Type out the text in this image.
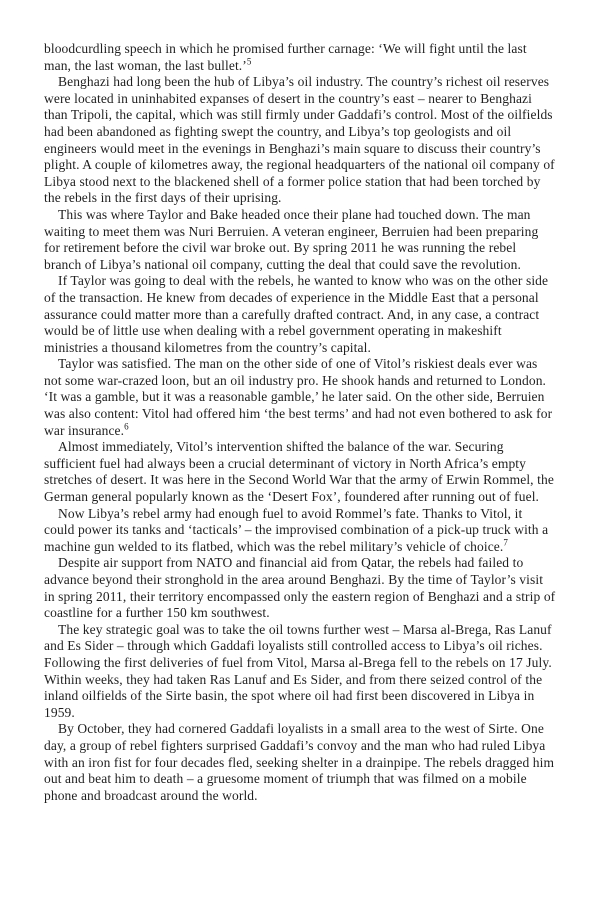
bloodcurdling speech in which he promised further carnage: ‘We will fight until the last man, the last woman, the last bullet.’$^5$

Benghazi had long been the hub of Libya’s oil industry. The country’s richest oil reserves were located in uninhabited expanses of desert in the country’s east – nearer to Benghazi than Tripoli, the capital, which was still firmly under Gaddafi’s control. Most of the oilfields had been abandoned as fighting swept the country, and Libya’s top geologists and oil engineers would meet in the evenings in Benghazi’s main square to discuss their country’s plight. A couple of kilometres away, the regional headquarters of the national oil company of Libya stood next to the blackened shell of a former police station that had been torched by the rebels in the first days of their uprising.

This was where Taylor and Bake headed once their plane had touched down. The man waiting to meet them was Nuri Berruien. A veteran engineer, Berruien had been preparing for retirement before the civil war broke out. By spring 2011 he was running the rebel branch of Libya’s national oil company, cutting the deal that could save the revolution.

If Taylor was going to deal with the rebels, he wanted to know who was on the other side of the transaction. He knew from decades of experience in the Middle East that a personal assurance could matter more than a carefully drafted contract. And, in any case, a contract would be of little use when dealing with a rebel government operating in makeshift ministries a thousand kilometres from the country’s capital.

Taylor was satisfied. The man on the other side of one of Vitol’s riskiest deals ever was not some war-crazed loon, but an oil industry pro. He shook hands and returned to London. ‘It was a gamble, but it was a reasonable gamble,’ he later said. On the other side, Berruien was also content: Vitol had offered him ‘the best terms’ and had not even bothered to ask for war insurance.$^6$

Almost immediately, Vitol’s intervention shifted the balance of the war. Securing sufficient fuel had always been a crucial determinant of victory in North Africa’s empty stretches of desert. It was here in the Second World War that the army of Erwin Rommel, the German general popularly known as the ‘Desert Fox’, foundered after running out of fuel.

Now Libya’s rebel army had enough fuel to avoid Rommel’s fate. Thanks to Vitol, it could power its tanks and ‘tacticals’ – the improvised combination of a pick-up truck with a machine gun welded to its flatbed, which was the rebel military’s vehicle of choice.$^7$

Despite air support from NATO and financial aid from Qatar, the rebels had failed to advance beyond their stronghold in the area around Benghazi. By the time of Taylor’s visit in spring 2011, their territory encompassed only the eastern region of Benghazi and a strip of coastline for a further 150 km southwest.

The key strategic goal was to take the oil towns further west – Marsa al-Brega, Ras Lanuf and Es Sider – through which Gaddafi loyalists still controlled access to Libya’s oil riches. Following the first deliveries of fuel from Vitol, Marsa al-Brega fell to the rebels on 17 July. Within weeks, they had taken Ras Lanuf and Es Sider, and from there seized control of the inland oilfields of the Sirte basin, the spot where oil had first been discovered in Libya in 1959.

By October, they had cornered Gaddafi loyalists in a small area to the west of Sirte. One day, a group of rebel fighters surprised Gaddafi’s convoy and the man who had ruled Libya with an iron fist for four decades fled, seeking shelter in a drainpipe. The rebels dragged him out and beat him to death – a gruesome moment of triumph that was filmed on a mobile phone and broadcast around the world.
